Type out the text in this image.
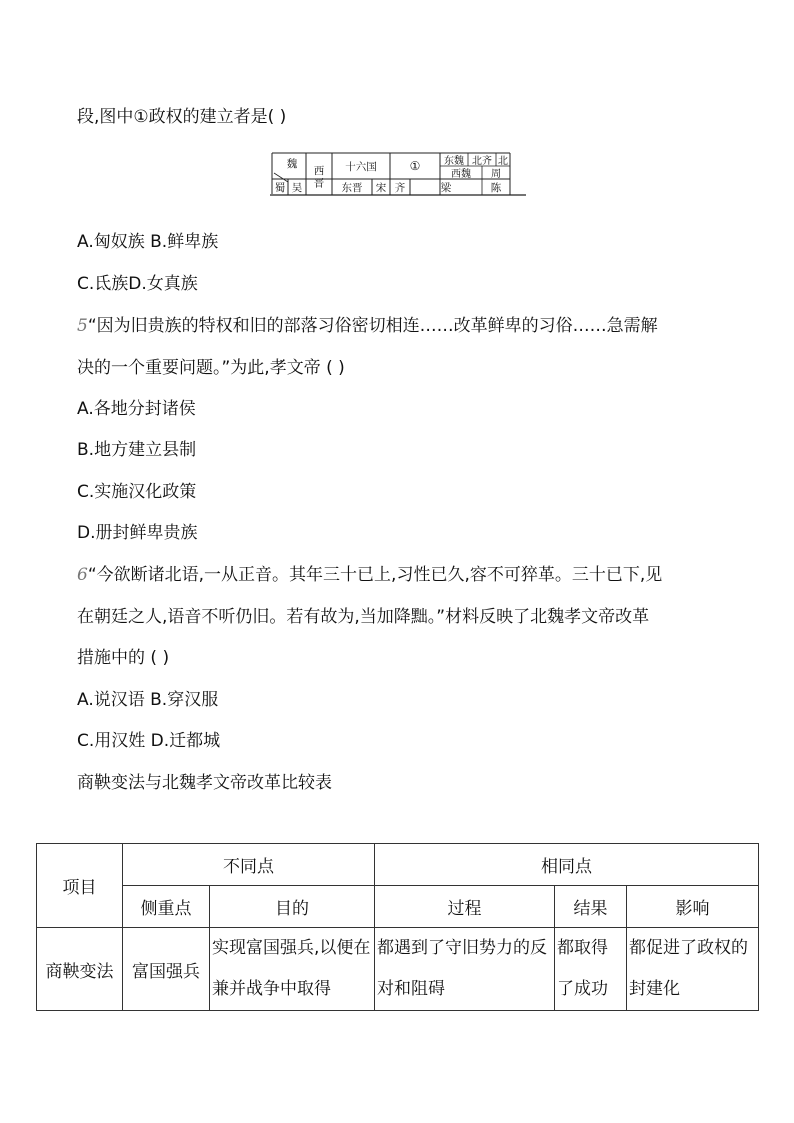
段,图中①政权的建立者是( )
魏
蜀 吴 西晋	十六国	①	东魏 北齐 北
西魏	周
东晋	宋 齐	梁	陈
A.匈奴族 B.鲜卑族
C.氐族D.女真族
5“因为旧贵族的特权和旧的部落习俗密切相连……改革鲜卑的习俗……急需解
决的一个重要问题。”为此,孝文帝 ( )
A.各地分封诸侯
B.地方建立县制
C.实施汉化政策
D.册封鲜卑贵族
6“今欲断诸北语,一从正音。其年三十已上,习性已久,容不可猝革。三十已下,见
在朝廷之人,语音不听仍旧。若有故为,当加降黜。”材料反映了北魏孝文帝改革
措施中的 ( )
A.说汉语 B.穿汉服
C.用汉姓 D.迁都城
商鞅变法与北魏孝文帝改革比较表
项目	不同点		相同点		
	侧重点	目的	过程	结果	影响
商鞅变法	富国强兵	实现富国强兵,以便在兼并战争中取得	都遇到了守旧势力的反对和阻碍	都取得了成功	都促进了政权的封建化
